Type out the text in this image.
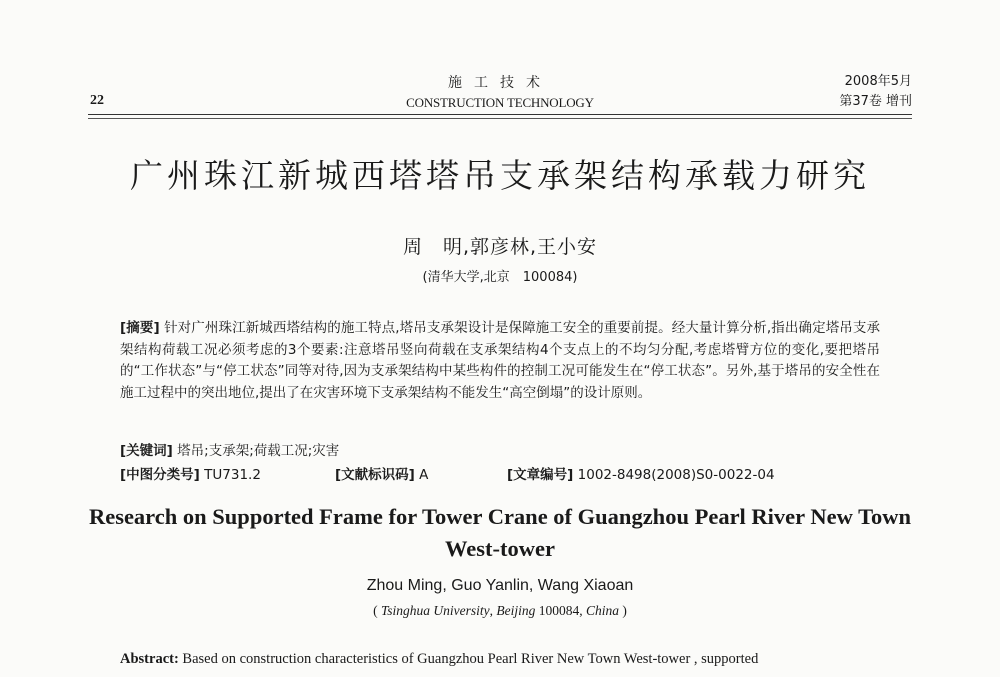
22
施工技术
CONSTRUCTION TECHNOLOGY
2008年5月
第37卷 增刊
广州珠江新城西塔塔吊支承架结构承载力研究
周　明,郭彦林,王小安
(清华大学,北京　100084)
[摘要] 针对广州珠江新城西塔结构的施工特点,塔吊支承架设计是保障施工安全的重要前提。经大量计算分析,指出确定塔吊支承架结构荷载工况必须考虑的3个要素:注意塔吊竖向荷载在支承架结构4个支点上的不均匀分配,考虑塔臂方位的变化,要把塔吊的“工作状态”与“停工状态”同等对待,因为支承架结构中某些构件的控制工况可能发生在“停工状态”。另外,基于塔吊的安全性在施工过程中的突出地位,提出了在灾害环境下支承架结构不能发生“高空倒塌”的设计原则。
[关键词] 塔吊;支承架;荷载工况;灾害
[中图分类号] TU731.2	[文献标识码] A	[文章编号] 1002-8498(2008)S0-0022-04
Research on Supported Frame for Tower Crane of Guangzhou Pearl River New Town West-tower
Zhou Ming, Guo Yanlin, Wang Xiaoan
( Tsinghua University, Beijing 100084, China )
Abstract: Based on construction characteristics of Guangzhou Pearl River New Town West-tower , supported
